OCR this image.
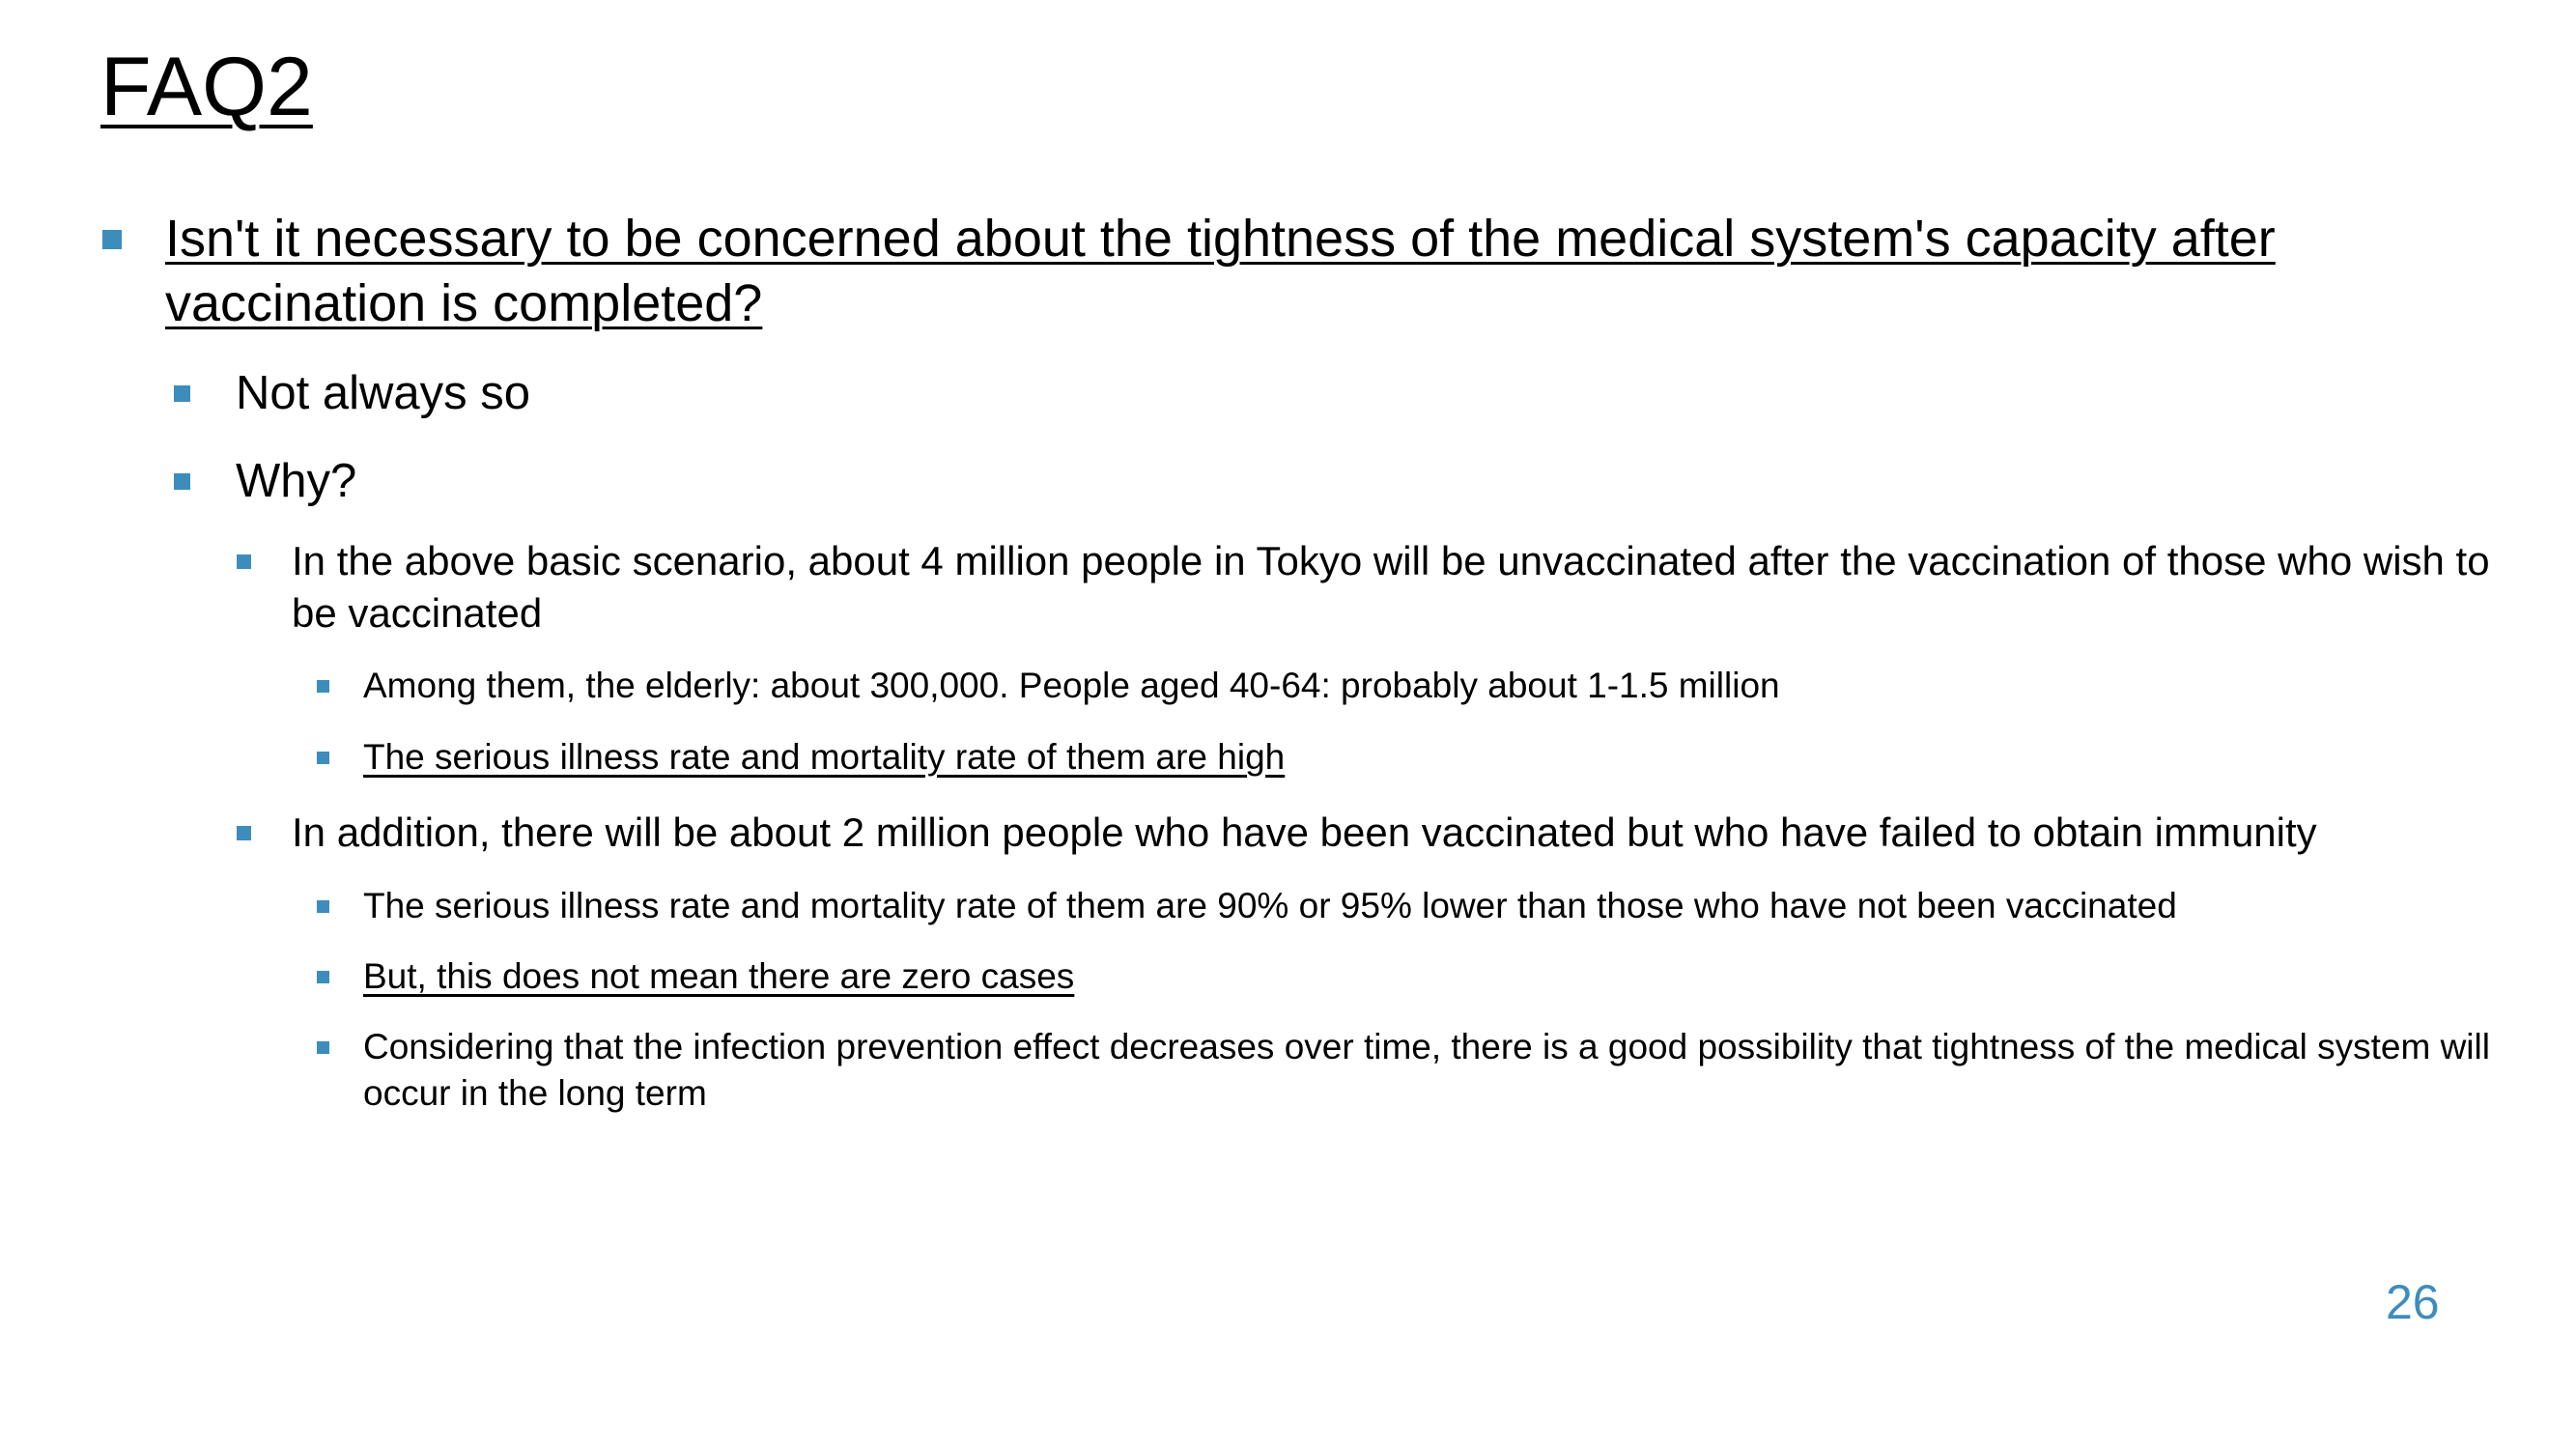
FAQ2
Isn't it necessary to be concerned about the tightness of the medical system's capacity after vaccination is completed?
Not always so
Why?
In the above basic scenario, about 4 million people in Tokyo will be unvaccinated after the vaccination of those who wish to be vaccinated
Among them, the elderly: about 300,000. People aged 40-64: probably about 1-1.5 million
The serious illness rate and mortality rate of them are high
In addition, there will be about 2 million people who have been vaccinated but who have failed to obtain immunity
The serious illness rate and mortality rate of them are 90% or 95% lower than those who have not been vaccinated
But, this does not mean there are zero cases
Considering that the infection prevention effect decreases over time, there is a good possibility that tightness of the medical system will occur in the long term
26
